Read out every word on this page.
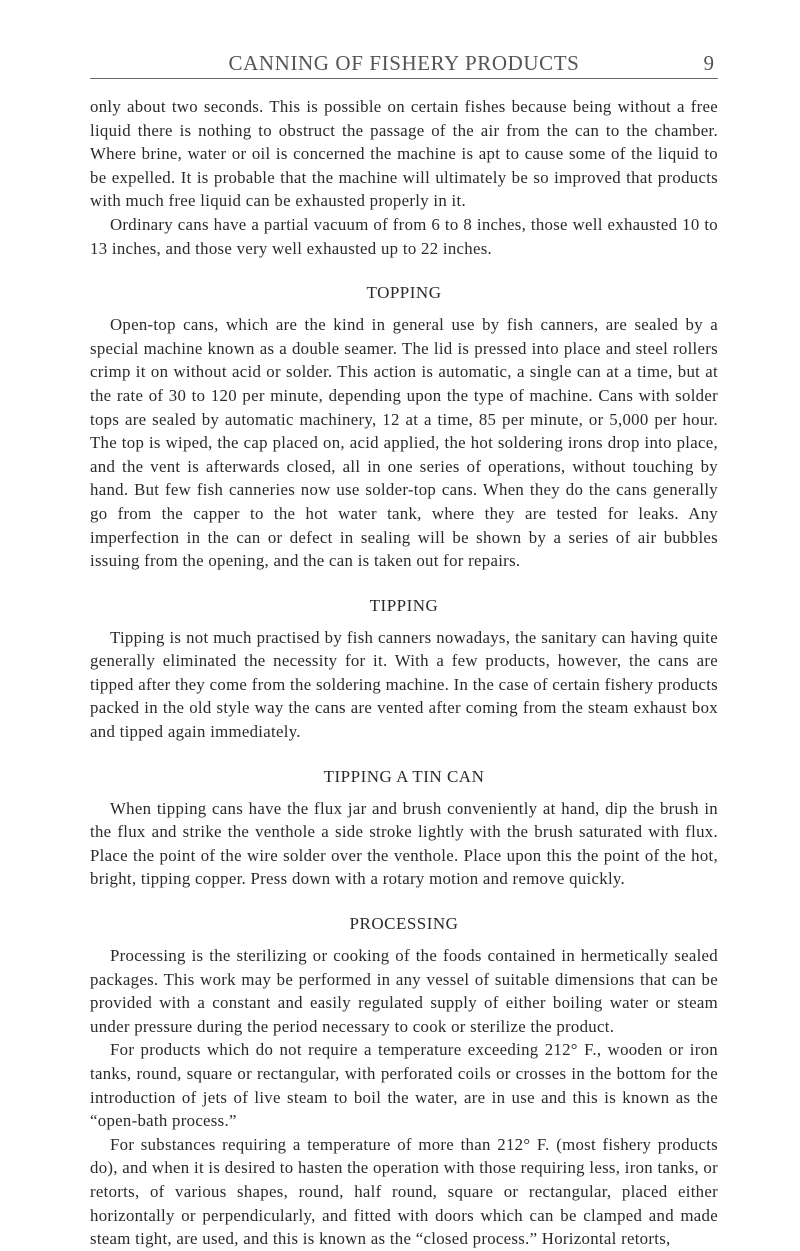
CANNING OF FISHERY PRODUCTS	9

only about two seconds. This is possible on certain fishes because being without a free liquid there is nothing to obstruct the passage of the air from the can to the chamber. Where brine, water or oil is concerned the machine is apt to cause some of the liquid to be expelled. It is probable that the machine will ultimately be so improved that products with much free liquid can be exhausted properly in it.

Ordinary cans have a partial vacuum of from 6 to 8 inches, those well exhausted 10 to 13 inches, and those very well exhausted up to 22 inches.

TOPPING

Open-top cans, which are the kind in general use by fish canners, are sealed by a special machine known as a double seamer. The lid is pressed into place and steel rollers crimp it on without acid or solder. This action is automatic, a single can at a time, but at the rate of 30 to 120 per minute, depending upon the type of machine. Cans with solder tops are sealed by automatic machinery, 12 at a time, 85 per minute, or 5,000 per hour. The top is wiped, the cap placed on, acid applied, the hot soldering irons drop into place, and the vent is afterwards closed, all in one series of operations, without touching by hand. But few fish canneries now use solder-top cans. When they do the cans generally go from the capper to the hot water tank, where they are tested for leaks. Any imperfection in the can or defect in sealing will be shown by a series of air bubbles issuing from the opening, and the can is taken out for repairs.

TIPPING

Tipping is not much practised by fish canners nowadays, the sanitary can having quite generally eliminated the necessity for it. With a few products, however, the cans are tipped after they come from the soldering machine. In the case of certain fishery products packed in the old style way the cans are vented after coming from the steam exhaust box and tipped again immediately.

TIPPING A TIN CAN

When tipping cans have the flux jar and brush conveniently at hand, dip the brush in the flux and strike the venthole a side stroke lightly with the brush saturated with flux. Place the point of the wire solder over the venthole. Place upon this the point of the hot, bright, tipping copper. Press down with a rotary motion and remove quickly.

PROCESSING

Processing is the sterilizing or cooking of the foods contained in hermetically sealed packages. This work may be performed in any vessel of suitable dimensions that can be provided with a constant and easily regulated supply of either boiling water or steam under pressure during the period necessary to cook or sterilize the product.

For products which do not require a temperature exceeding 212° F., wooden or iron tanks, round, square or rectangular, with perforated coils or crosses in the bottom for the introduction of jets of live steam to boil the water, are in use and this is known as the “open-bath process.”

For substances requiring a temperature of more than 212° F. (most fishery products do), and when it is desired to hasten the operation with those requiring less, iron tanks, or retorts, of various shapes, round, half round, square or rectangular, placed either horizontally or perpendicularly, and fitted with doors which can be clamped and made steam tight, are used, and this is known as the “closed process.” Horizontal retorts,
